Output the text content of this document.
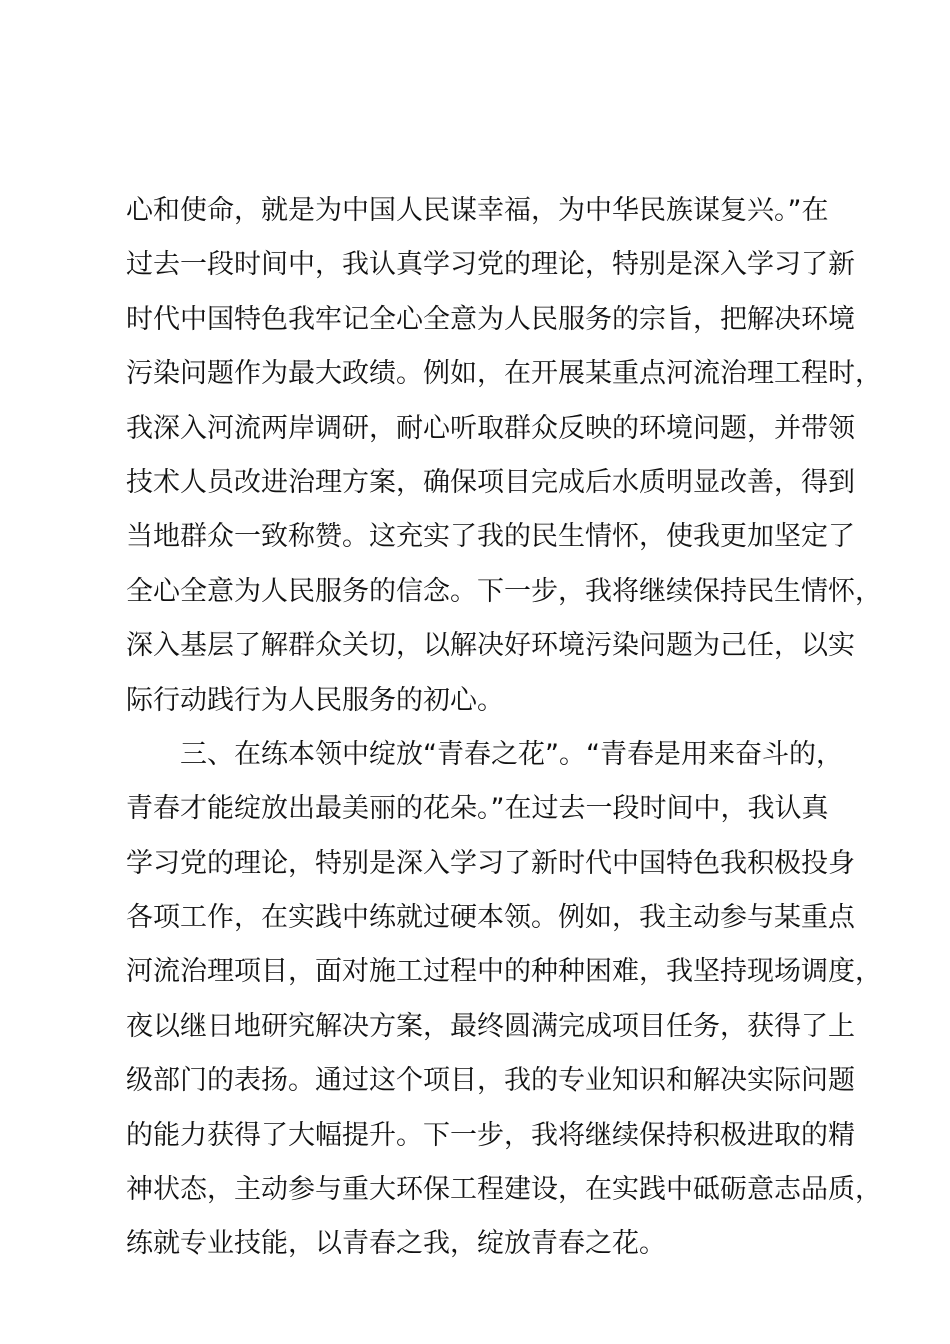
心和使命，就是为中国人民谋幸福，为中华民族谋复兴。”在
过去一段时间中，我认真学习党的理论，特别是深入学习了新
时代中国特色我牢记全心全意为人民服务的宗旨，把解决环境
污染问题作为最大政绩。例如，在开展某重点河流治理工程时，
我深入河流两岸调研，耐心听取群众反映的环境问题，并带领
技术人员改进治理方案，确保项目完成后水质明显改善，得到
当地群众一致称赞。这充实了我的民生情怀，使我更加坚定了
全心全意为人民服务的信念。下一步，我将继续保持民生情怀，
深入基层了解群众关切，以解决好环境污染问题为己任，以实
际行动践行为人民服务的初心。
三、在练本领中绽放“青春之花”。“青春是用来奋斗的，
青春才能绽放出最美丽的花朵。”在过去一段时间中，我认真
学习党的理论，特别是深入学习了新时代中国特色我积极投身
各项工作，在实践中练就过硬本领。例如，我主动参与某重点
河流治理项目，面对施工过程中的种种困难，我坚持现场调度，
夜以继日地研究解决方案，最终圆满完成项目任务，获得了上
级部门的表扬。通过这个项目，我的专业知识和解决实际问题
的能力获得了大幅提升。下一步，我将继续保持积极进取的精
神状态，主动参与重大环保工程建设，在实践中砥砺意志品质，
练就专业技能，以青春之我，绽放青春之花。
